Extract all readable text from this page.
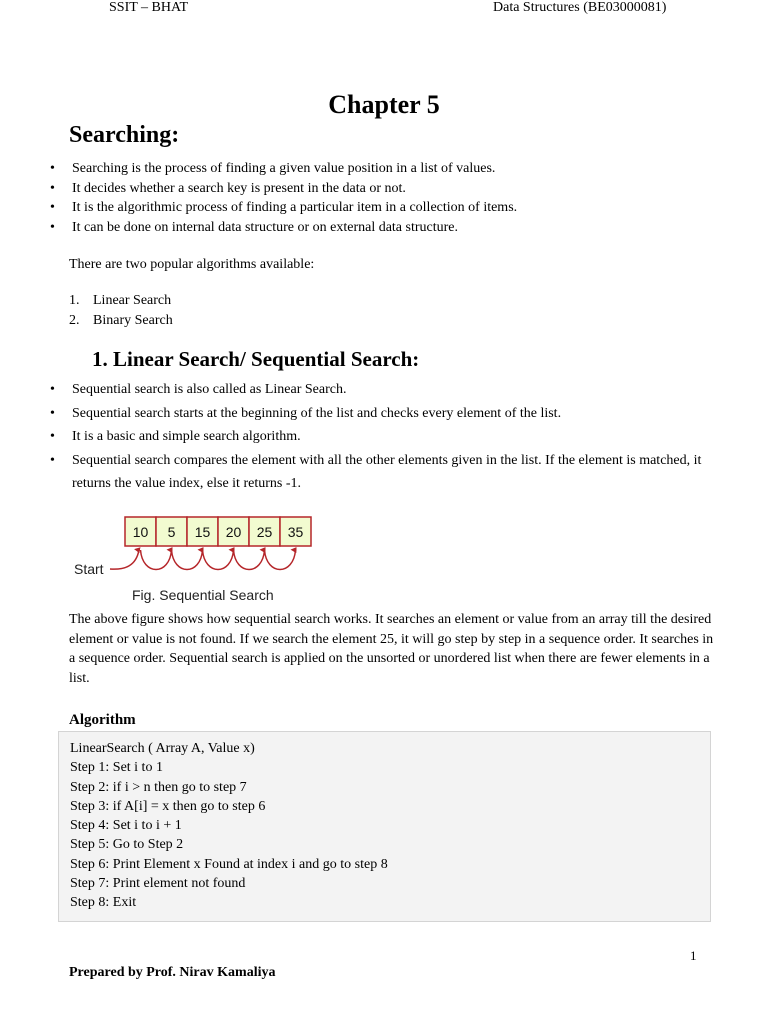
SSIT – BHAT	Data Structures (BE03000081)
Chapter 5
Searching:
• Searching is the process of finding a given value position in a list of values.
• It decides whether a search key is present in the data or not.
• It is the algorithmic process of finding a particular item in a collection of items.
• It can be done on internal data structure or on external data structure.
There are two popular algorithms available:
1. Linear Search
2. Binary Search
1. Linear Search/ Sequential Search:
• Sequential search is also called as Linear Search.
• Sequential search starts at the beginning of the list and checks every element of the list.
• It is a basic and simple search algorithm.
• Sequential search compares the element with all the other elements given in the list. If the element is matched, it returns the value index, else it returns -1.
10 5 15 20 25 35
Start
Fig. Sequential Search
The above figure shows how sequential search works. It searches an element or value from an array till the desired element or value is not found. If we search the element 25, it will go step by step in a sequence order. It searches in a sequence order. Sequential search is applied on the unsorted or unordered list when there are fewer elements in a list.
Algorithm
LinearSearch ( Array A, Value x)
Step 1: Set i to 1
Step 2: if i > n then go to step 7
Step 3: if A[i] = x then go to step 6
Step 4: Set i to i + 1
Step 5: Go to Step 2
Step 6: Print Element x Found at index i and go to step 8
Step 7: Print element not found
Step 8: Exit
1
Prepared by Prof. Nirav Kamaliya
